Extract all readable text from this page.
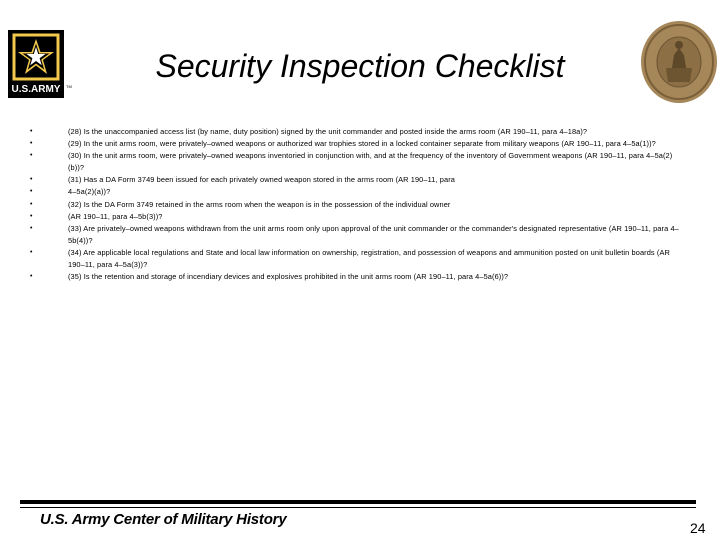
U.S.ARMY TM
Security Inspection Checklist
•	(28) Is the unaccompanied access list (by name, duty position) signed by the unit commander and posted inside the arms room (AR 190–11, para 4–18a)?
•	(29) In the unit arms room, were privately–owned weapons or authorized war trophies stored in a locked container separate from military weapons (AR 190–11, para 4–5a(1))?
•	(30) In the unit arms room, were privately–owned weapons inventoried in conjunction with, and at the frequency of the inventory of Government weapons (AR 190–11, para 4–5a(2)(b))?
•	(31) Has a DA Form 3749 been issued for each privately owned weapon stored in the arms room (AR 190–11, para
•	4–5a(2)(a))?
•	(32) Is the DA Form 3749 retained in the arms room when the weapon is in the possession of the individual owner
•	(AR 190–11, para 4–5b(3))?
•	(33) Are privately–owned weapons withdrawn from the unit arms room only upon approval of the unit commander or the commander's designated representative (AR 190–11, para 4–5b(4))?
•	(34) Are applicable local regulations and State and local law information on ownership, registration, and possession of weapons and ammunition posted on unit bulletin boards (AR 190–11, para 4–5a(3))?
•	(35) Is the retention and storage of incendiary devices and explosives prohibited in the unit arms room (AR 190–11, para 4–5a(6))?
U.S. Army Center of Military History	24
